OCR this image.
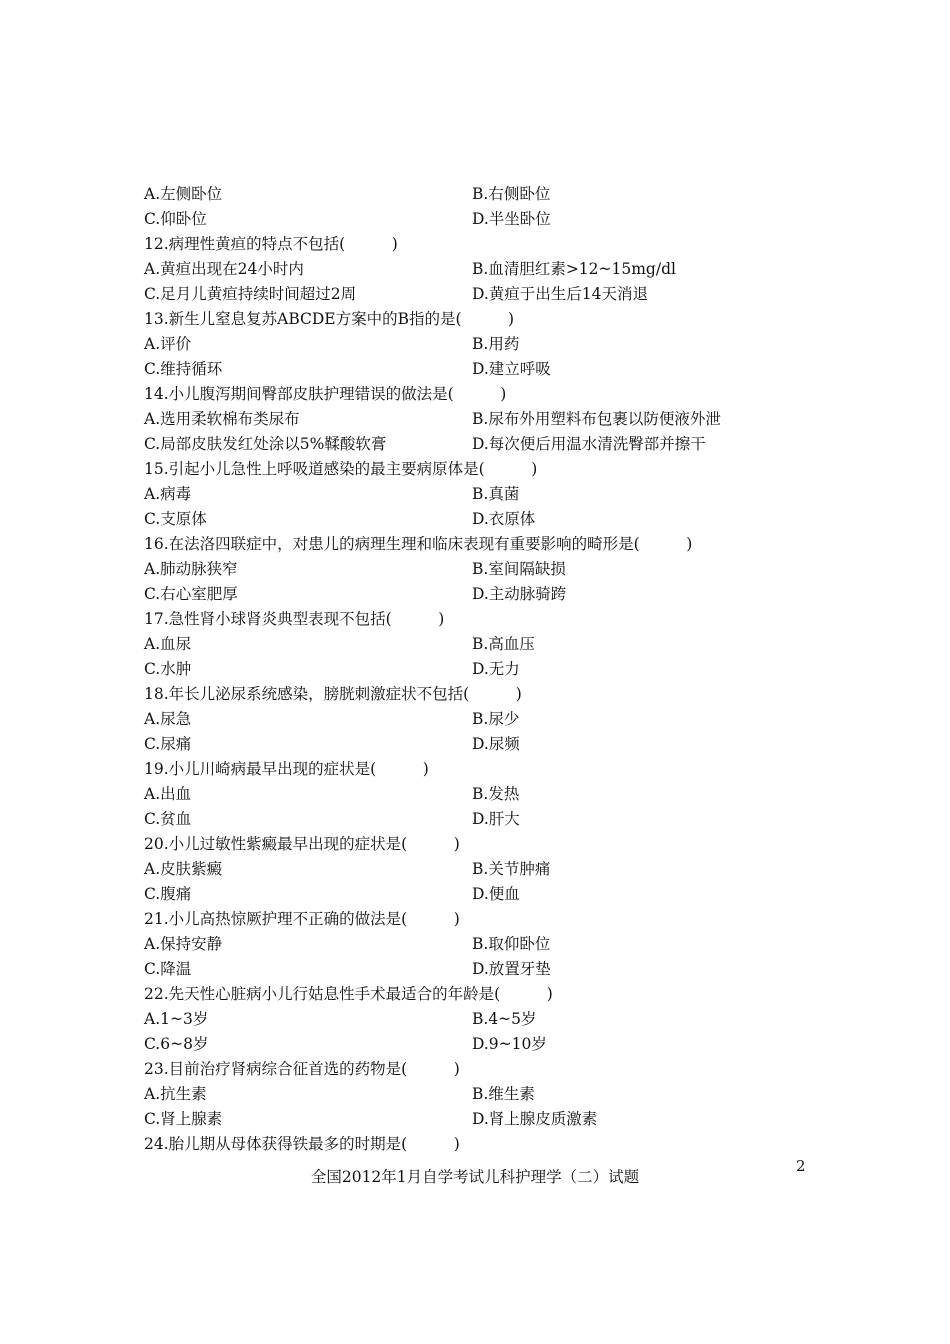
A.左侧卧位	B.右侧卧位
C.仰卧位	D.半坐卧位
12.病理性黄疸的特点不包括(　　　)
A.黄疸出现在24小时内	B.血清胆红素>12~15mg/dl
C.足月儿黄疸持续时间超过2周	D.黄疸于出生后14天消退
13.新生儿窒息复苏ABCDE方案中的B指的是(　　　)
A.评价	B.用药
C.维持循环	D.建立呼吸
14.小儿腹泻期间臀部皮肤护理错误的做法是(　　　)
A.选用柔软棉布类尿布	B.尿布外用塑料布包裹以防便液外泄
C.局部皮肤发红处涂以5%鞣酸软膏	D.每次便后用温水清洗臀部并擦干
15.引起小儿急性上呼吸道感染的最主要病原体是(　　　)
A.病毒	B.真菌
C.支原体	D.衣原体
16.在法洛四联症中，对患儿的病理生理和临床表现有重要影响的畸形是(　　　)
A.肺动脉狭窄	B.室间隔缺损
C.右心室肥厚	D.主动脉骑跨
17.急性肾小球肾炎典型表现不包括(　　　)
A.血尿	B.高血压
C.水肿	D.无力
18.年长儿泌尿系统感染，膀胱刺激症状不包括(　　　)
A.尿急	B.尿少
C.尿痛	D.尿频
19.小儿川崎病最早出现的症状是(　　　)
A.出血	B.发热
C.贫血	D.肝大
20.小儿过敏性紫癜最早出现的症状是(　　　)
A.皮肤紫癜	B.关节肿痛
C.腹痛	D.便血
21.小儿高热惊厥护理不正确的做法是(　　　)
A.保持安静	B.取仰卧位
C.降温	D.放置牙垫
22.先天性心脏病小儿行姑息性手术最适合的年龄是(　　　)
A.1~3岁	B.4~5岁
C.6~8岁	D.9~10岁
23.目前治疗肾病综合征首选的药物是(　　　)
A.抗生素	B.维生素
C.肾上腺素	D.肾上腺皮质激素
24.胎儿期从母体获得铁最多的时期是(　　　)
2
全国2012年1月自学考试儿科护理学（二）试题
